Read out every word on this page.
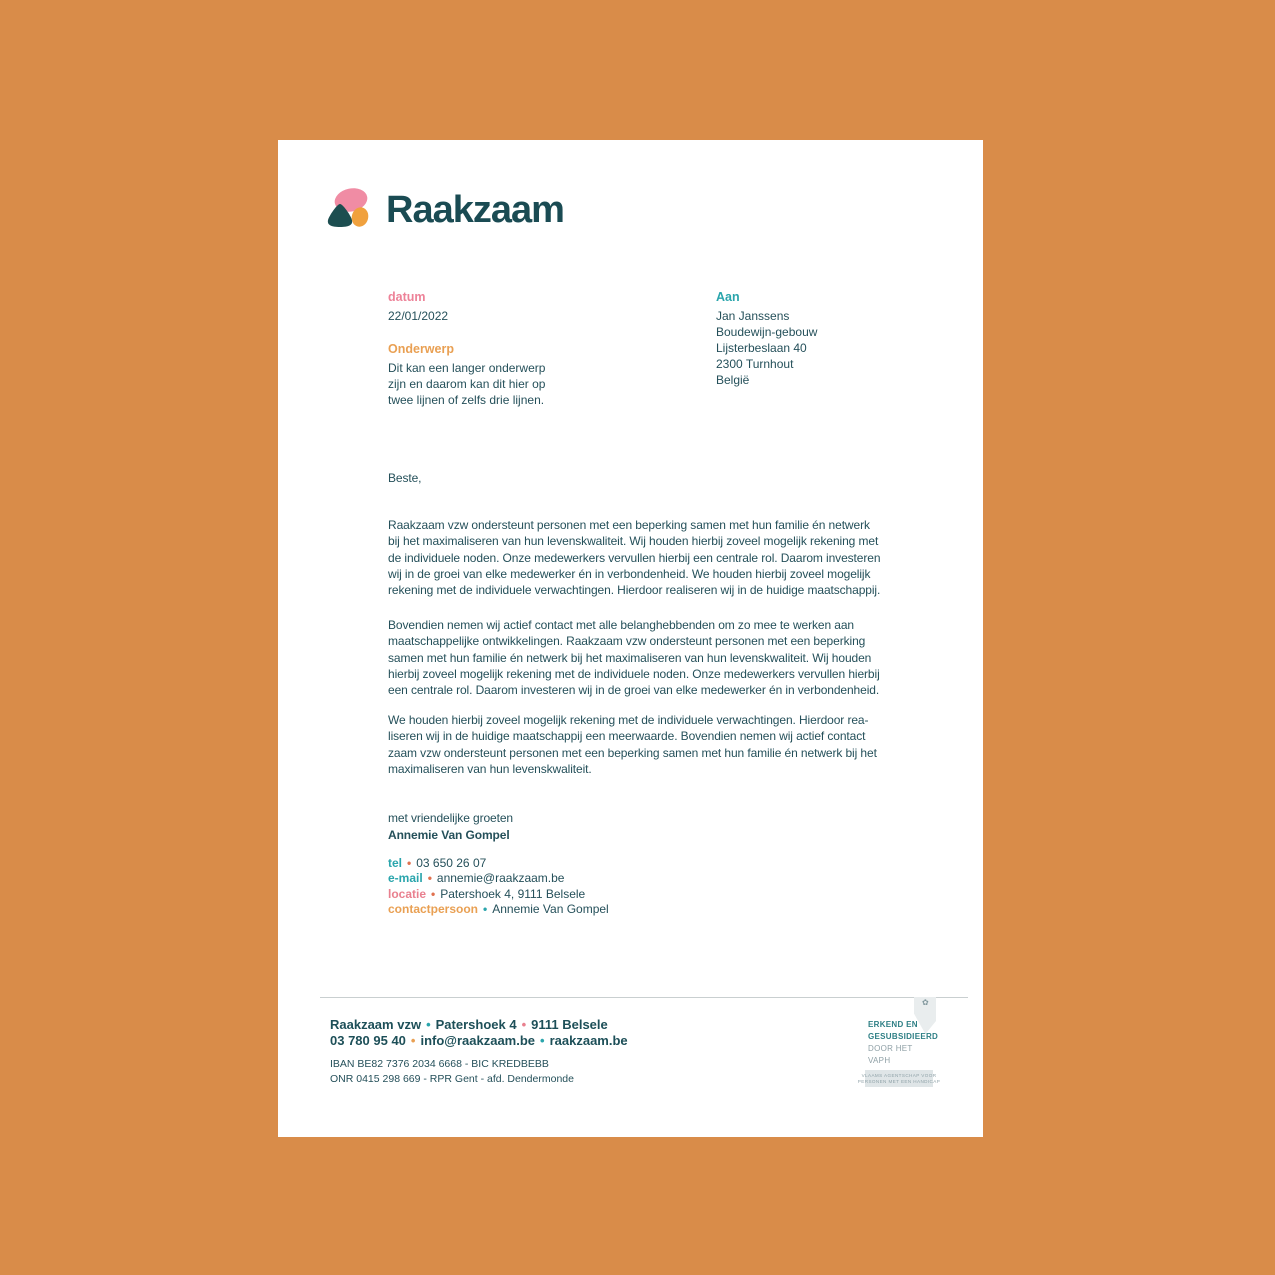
Raakzaam
datum
22/01/2022
Onderwerp
Dit kan een langer onderwerp
zijn en daarom kan dit hier op
twee lijnen of zelfs drie lijnen.
Aan
Jan Janssens
Boudewijn-gebouw
Lijsterbeslaan 40
2300 Turnhout
België
Beste,
Raakzaam vzw ondersteunt personen met een beperking samen met hun familie én netwerk
bij het maximaliseren van hun levenskwaliteit. Wij houden hierbij zoveel mogelijk rekening met
de individuele noden. Onze medewerkers vervullen hierbij een centrale rol. Daarom investeren
wij in de groei van elke medewerker én in verbondenheid. We houden hierbij zoveel mogelijk
rekening met de individuele verwachtingen. Hierdoor realiseren wij in de huidige maatschappij.
Bovendien nemen wij actief contact met alle belanghebbenden om zo mee te werken aan
maatschappelijke ontwikkelingen. Raakzaam vzw ondersteunt personen met een beperking
samen met hun familie én netwerk bij het maximaliseren van hun levenskwaliteit. Wij houden
hierbij zoveel mogelijk rekening met de individuele noden. Onze medewerkers vervullen hierbij
een centrale rol. Daarom investeren wij in de groei van elke medewerker én in verbondenheid.
We houden hierbij zoveel mogelijk rekening met de individuele verwachtingen. Hierdoor rea-
liseren wij in de huidige maatschappij een meerwaarde. Bovendien nemen wij actief contact
zaam vzw ondersteunt personen met een beperking samen met hun familie én netwerk bij het
maximaliseren van hun levenskwaliteit.
met vriendelijke groeten
Annemie Van Gompel
tel • 03 650 26 07
e-mail • annemie@raakzaam.be
locatie • Patershoek 4, 9111 Belsele
contactpersoon • Annemie Van Gompel
Raakzaam vzw • Patershoek 4 • 9111 Belsele
03 780 95 40 • info@raakzaam.be • raakzaam.be
IBAN BE82 7376 2034 6668 - BIC KREDBEBB
ONR 0415 298 669 - RPR Gent - afd. Dendermonde
✿
ERKEND EN
GESUBSIDIEERD
DOOR HET
VAPH
VLAAMS AGENTSCHAP VOOR
PERSONEN MET EEN HANDICAP
